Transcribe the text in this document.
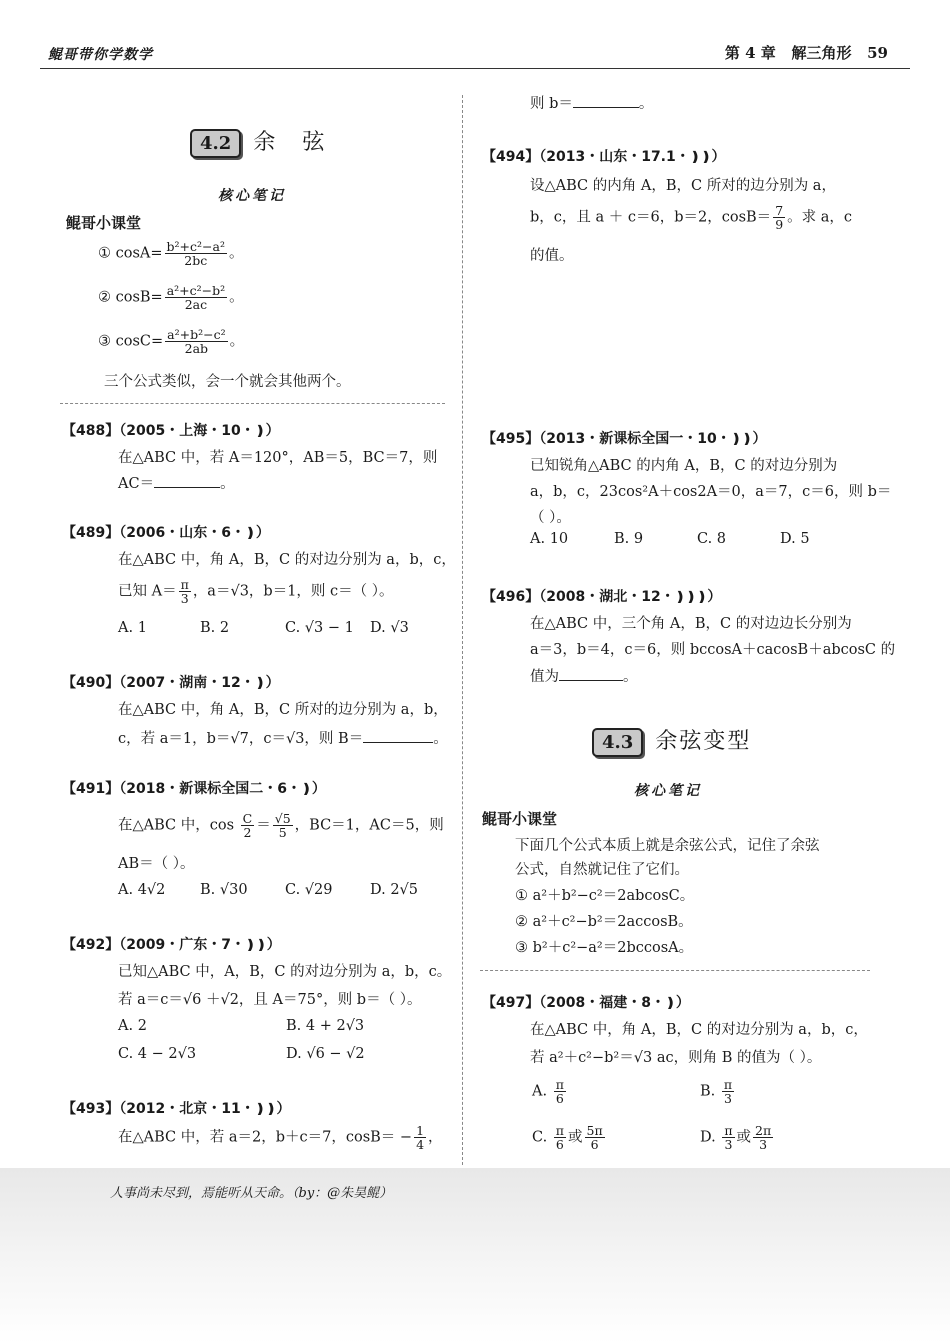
鲲哥带你学数学	第 4 章   解三角形 59
4.2 余 弦
核心笔记
鲲哥小课堂
① $\cos A= \frac{\text{b²+c²−a²}}{2bc}$ 。
② $\cos B= \frac{\text{a²+c²−b²}}{2ac}$ 。
③ $\cos C= \frac{\text{a²+b²−c²}}{2ab}$ 。
三个公式类似，会一个就会其他两个。
【488】（2005・上海・10・❫）
在△ABC 中，若 A＝120°，AB＝5，BC＝7，则
AC＝	。
【489】（2006・山东・6・❫）
在△ABC 中，角 A，B，C 的对边分别为 a，b，c，
已知 $A= \frac{\pi}{3}$ ，a＝√3，b＝1，则 c＝（ ）。
A. 1	B. 2	C. √3 − 1 D. √3
【490】（2007・湖南・12・❫）
在△ABC 中，角 A，B，C 所对的边分别为 a，b，
c，若 a＝1，b＝√7，c＝√3，则 B＝	。
【491】（2018・新课标全国二・6・❫）
在△ABC 中，$\cos \frac{C}{2} = \frac{√5}{5}$ ，BC＝1，AC＝5，则
AB＝（ ）。
A. 4√2 B. √30	C. √29	D. 2√5
【492】（2009・广东・7・❫❫）
已知△ABC 中，A，B，C 的对边分别为 a，b，c。
若 a＝c＝√6 ＋√2，且 A＝75°，则 b＝（ ）。
A. 2	B. 4 + 2√3
C. 4 − 2√3	D. √6 − √2
【493】（2012・北京・11・❫❫）
在△ABC 中，若 a＝2，b＋c＝7，$\cos B= - \frac{1}{4}$ ，
则 b＝	。
【494】（2013・山东・17.1・❫❫）
设△ABC 的内角 A，B，C 所对的边分别为 a，
b，c，且 a ＋ c＝6，b＝2，$\cos B= \frac{7}{9}$ 。求 a，c
的值。
【495】（2013・新课标全国一・10・❫❫）
已知锐角△ABC 的内角 A，B，C 的对边分别为
a，b，c，23cos²A＋cos2A＝0，a＝7，c＝6，则 b＝
（ ）。
A. 10	B. 9	C. 8	D. 5
【496】（2008・湖北・12・❫❫❫）
在△ABC 中，三个角 A，B，C 的对边边长分别为
a＝3，b＝4，c＝6，则 bccosA＋cacosB＋abcosC 的
值为	。
4.3 余弦变型
核心笔记
鲲哥小课堂
下面几个公式本质上就是余弦公式，记住了余弦
公式，自然就记住了它们。
① a²＋b²−c²＝2abcosC。
② a²＋c²−b²＝2accosB。
③ b²＋c²−a²＝2bccosA。
【497】（2008・福建・8・❫）
在△ABC 中，角 A，B，C 的对边分别为 a，b，c，
若 a²＋c²−b²＝√3 ac，则角 B 的值为（ ）。
A. $\frac{\pi}{6}$	B. $\frac{\pi}{3}$
C. $\frac{\pi}{6}$ 或 $\frac{5\pi}{6}$	D. $\frac{\pi}{3}$ 或 $\frac{2\pi}{3}$
人事尚未尽到，焉能听从天命。（by：@朱昊鲲）
